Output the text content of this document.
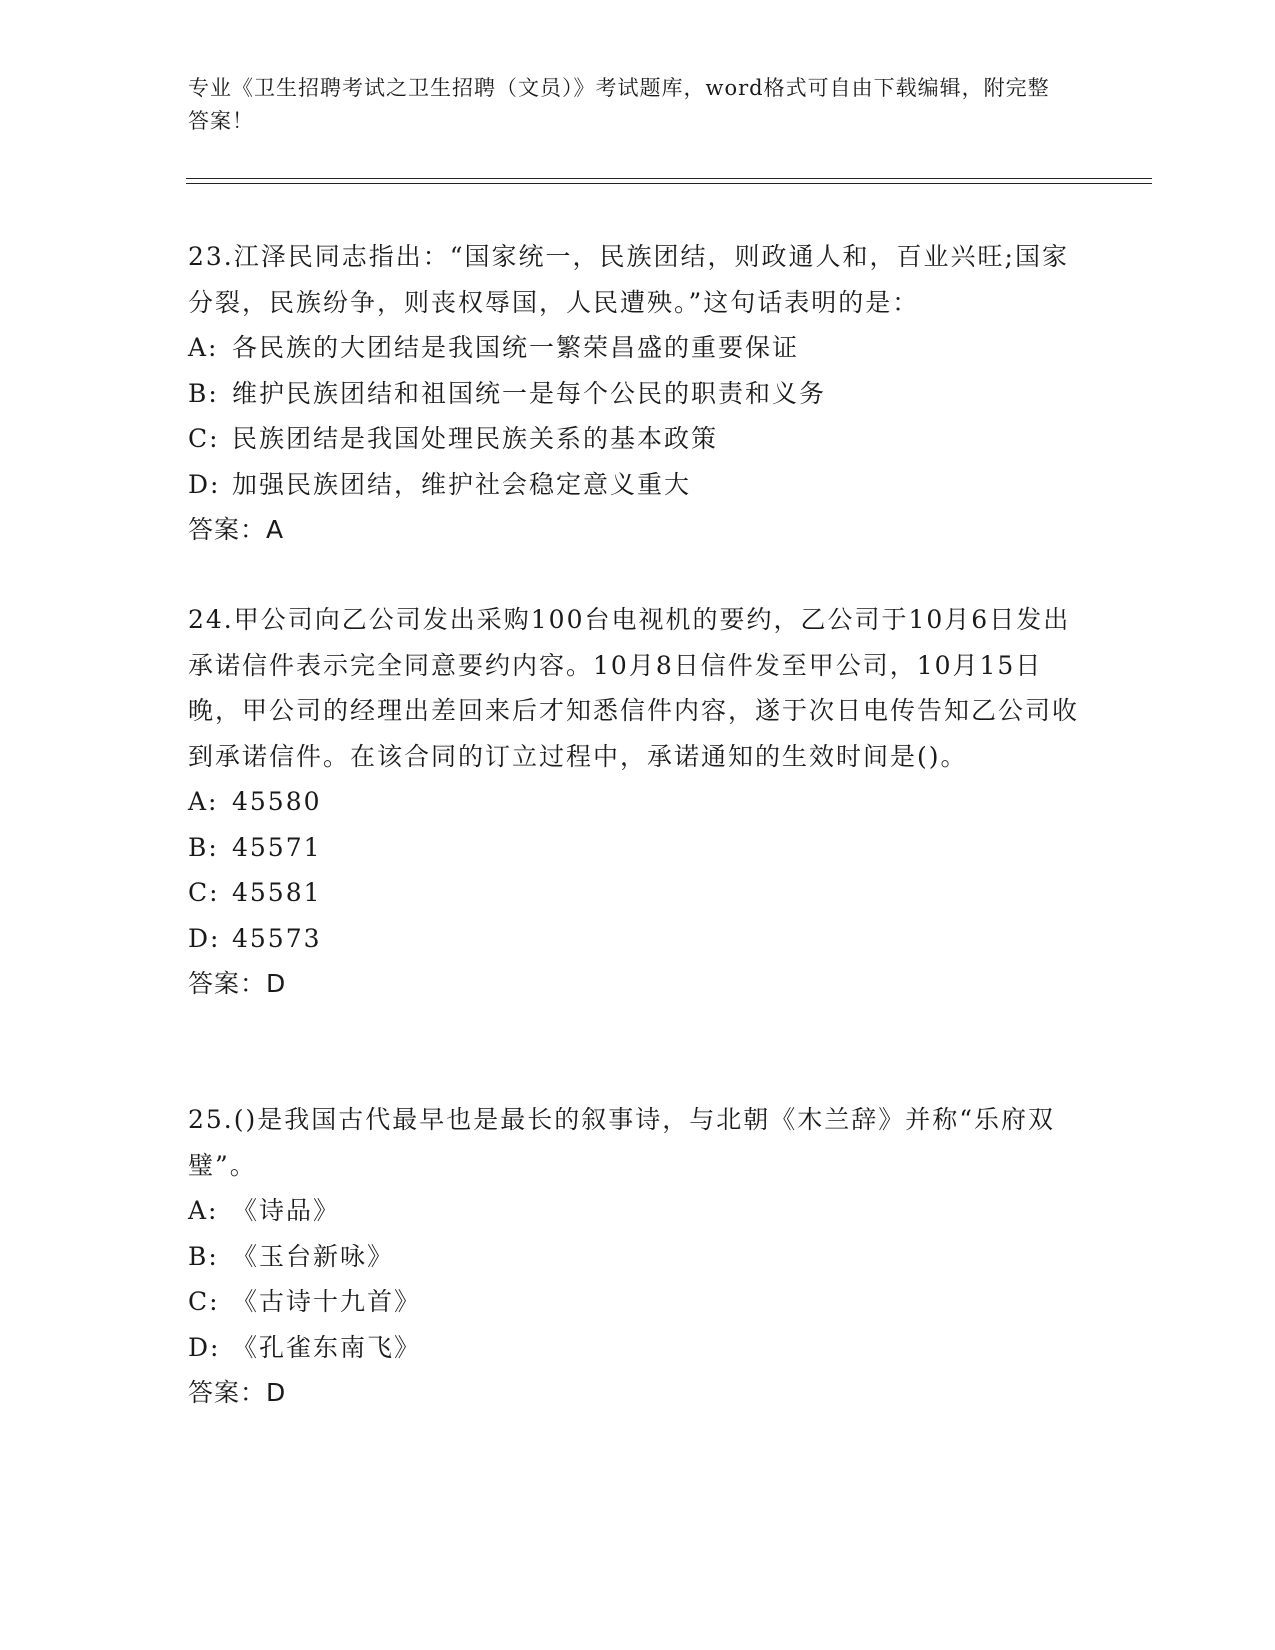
专业《卫生招聘考试之卫生招聘（文员）》考试题库，word格式可自由下载编辑，附完整答案！

23.江泽民同志指出：“国家统一，民族团结，则政通人和，百业兴旺;国家分裂，民族纷争，则丧权辱国，人民遭殃。”这句话表明的是：

A: 各民族的大团结是我国统一繁荣昌盛的重要保证

B: 维护民族团结和祖国统一是每个公民的职责和义务

C: 民族团结是我国处理民族关系的基本政策

D: 加强民族团结，维护社会稳定意义重大

答案：A

24.甲公司向乙公司发出采购100台电视机的要约，乙公司于10月6日发出承诺信件表示完全同意要约内容。10月8日信件发至甲公司，10月15日晚，甲公司的经理出差回来后才知悉信件内容，遂于次日电传告知乙公司收到承诺信件。在该合同的订立过程中，承诺通知的生效时间是()。

A: 45580

B: 45571

C: 45581

D: 45573

答案：D

25.()是我国古代最早也是最长的叙事诗，与北朝《木兰辞》并称“乐府双璧”。

A: 《诗品》

B: 《玉台新咏》

C: 《古诗十九首》

D: 《孔雀东南飞》

答案：D
